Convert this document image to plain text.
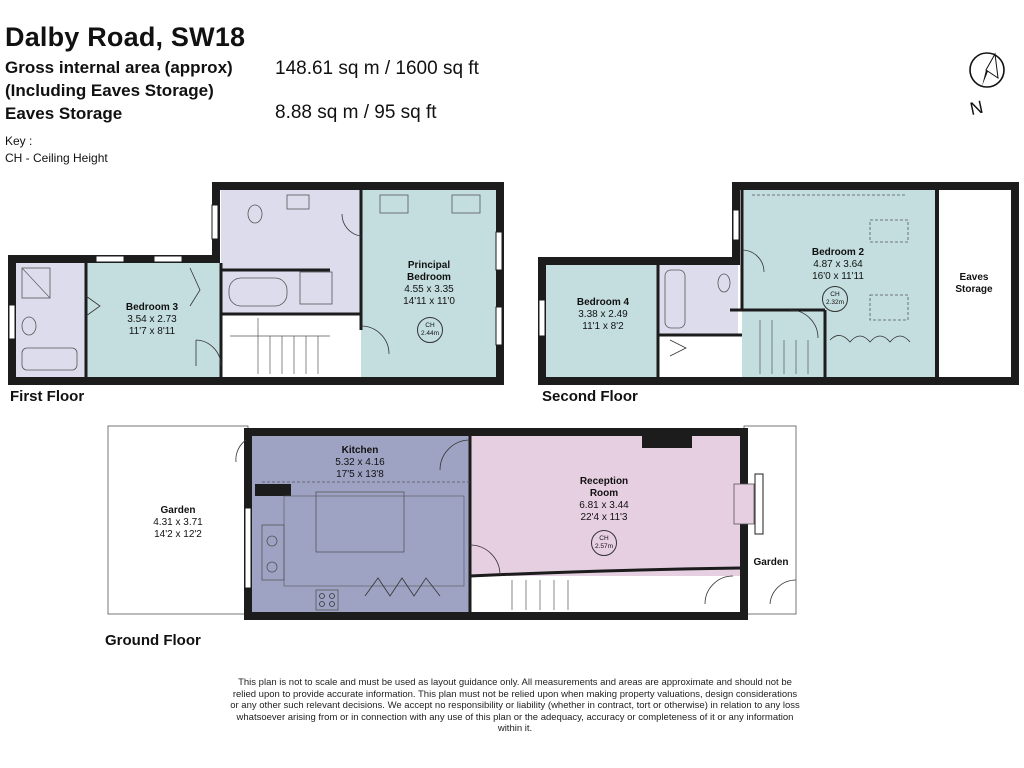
Dalby Road, SW18
Gross internal area (approx) 148.61 sq m / 1600 sq ft
(Including Eaves Storage)
Eaves Storage	8.88 sq m / 95 sq ft
Key :
CH - Ceiling Height
N
First Floor	Second Floor
Ground Floor
Bedroom 3
3.54 x 2.73
11'7 x 8'11
Principal
Bedroom
4.55 x 3.35
14'11 x 11'0
CH
2.44m
Bedroom 4
3.38 x 2.49
11'1 x 8'2
Bedroom 2
4.87 x 3.64
16'0 x 11'11
CH
2.32m
Eaves
Storage
Garden
4.31 x 3.71
14'2 x 12'2
Kitchen
5.32 x 4.16
17'5 x 13'8
Reception
Room
6.81 x 3.44
22'4 x 11'3
CH
2.57m
Garden
This plan is not to scale and must be used as layout guidance only. All measurements and areas are approximate and should not be relied upon to provide accurate information. This plan must not be relied upon when making property valuations, design considerations or any other such relevant decisions. We accept no responsibility or liability (whether in contract, tort or otherwise) in relation to any loss whatsoever arising from or in connection with any use of this plan or the adequacy, accuracy or completeness of it or any information within it.
